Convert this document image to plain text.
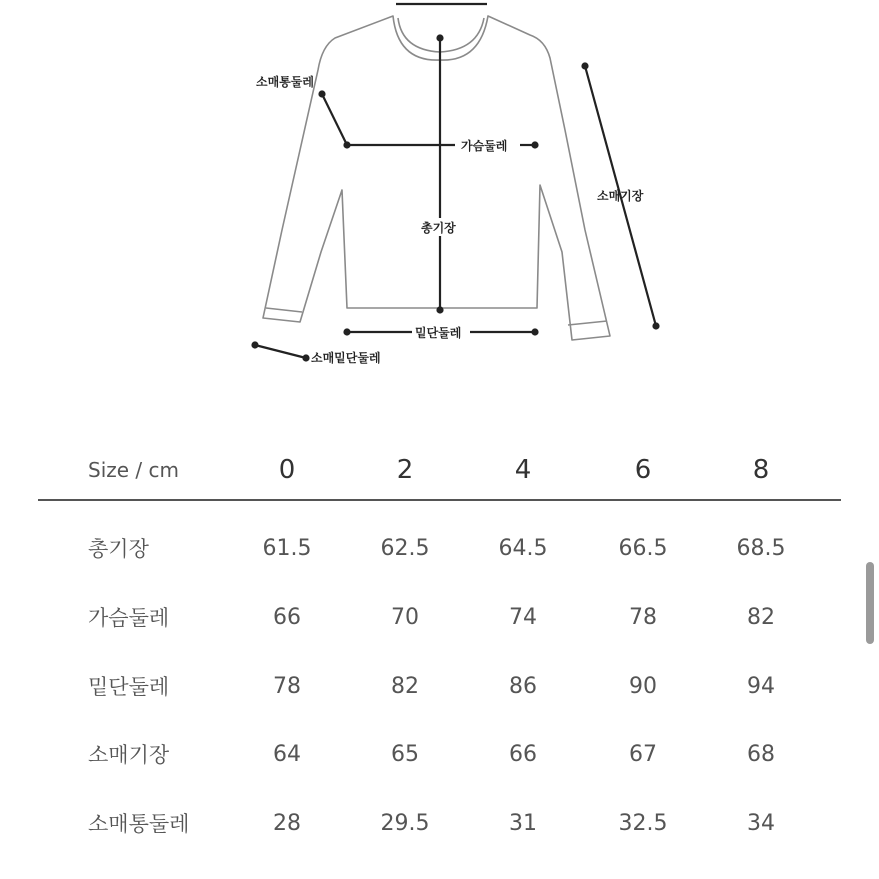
소매통둘레
가슴둘레
소매기장
총기장
밑단둘레
소매밑단둘레
Size / cm	0	2	4	6	8
총기장	61.5	62.5	64.5	66.5	68.5
가슴둘레	66	70	74	78	82
밑단둘레	78	82	86	90	94
소매기장	64	65	66	67	68
소매통둘레	28	29.5	31	32.5	34
